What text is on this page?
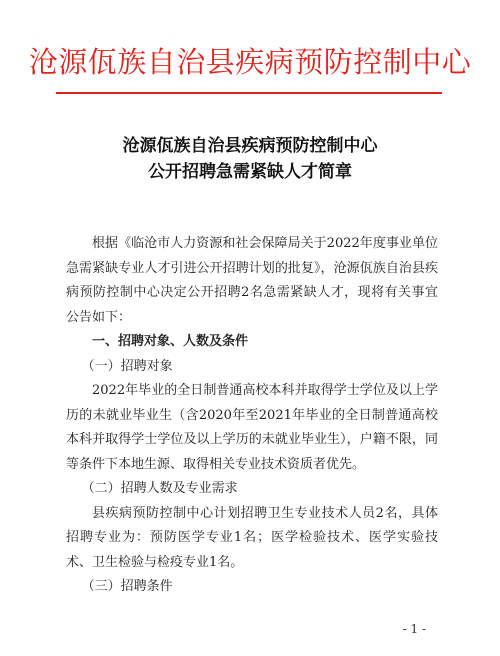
沧源佤族自治县疾病预防控制中心
沧源佤族自治县疾病预防控制中心
公开招聘急需紧缺人才简章

根据《临沧市人力资源和社会保障局关于2022年度事业单位急需紧缺专业人才引进公开招聘计划的批复》，沧源佤族自治县疾病预防控制中心决定公开招聘2名急需紧缺人才，现将有关事宜公告如下：

一、招聘对象、人数及条件

（一）招聘对象

2022年毕业的全日制普通高校本科并取得学士学位及以上学历的未就业毕业生（含2020年至2021年毕业的全日制普通高校本科并取得学士学位及以上学历的未就业毕业生），户籍不限，同等条件下本地生源、取得相关专业技术资质者优先。

（二）招聘人数及专业需求

县疾病预防控制中心计划招聘卫生专业技术人员2名，具体招聘专业为：预防医学专业1名；医学检验技术、医学实验技术、卫生检验与检疫专业1名。

（三）招聘条件

- 1 -
